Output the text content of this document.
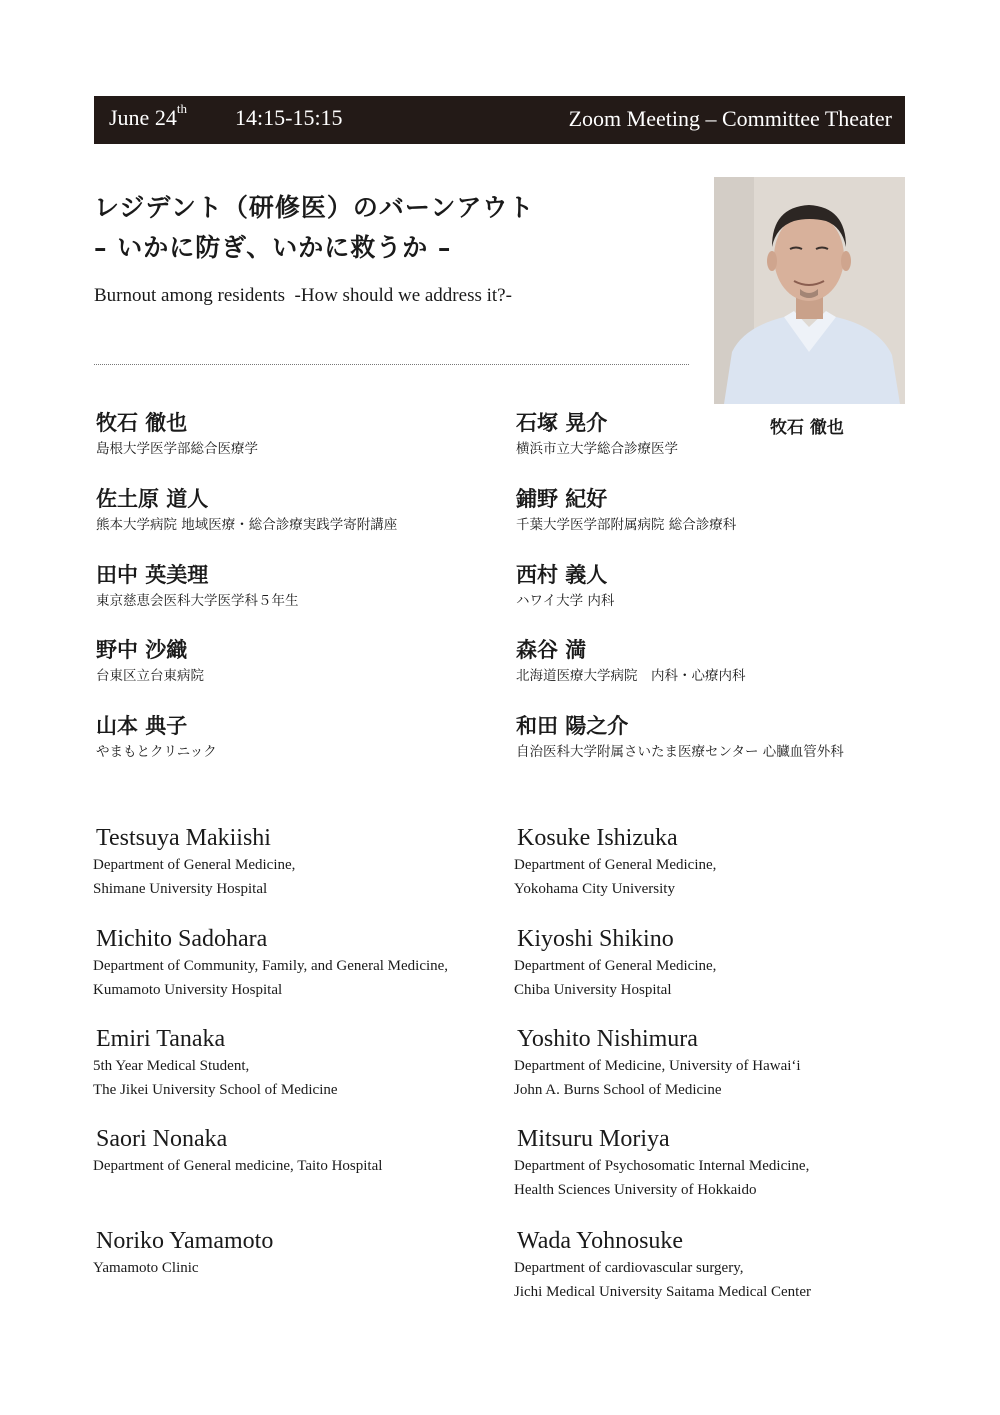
June 24th 14:15-15:15	Zoom Meeting – Committee Theater
レジデント（研修医）のバーンアウト
– いかに防ぎ、いかに救うか –
Burnout among residents  -How should we address it?-
牧石 徹也
牧石 徹也
島根大学医学部総合医療学
石塚 晃介
横浜市立大学総合診療医学
佐土原 道人
熊本大学病院 地域医療・総合診療実践学寄附講座
鋪野 紀好
千葉大学医学部附属病院 総合診療科
田中 英美理
東京慈恵会医科大学医学科５年生
西村 義人
ハワイ大学 内科
野中 沙織
台東区立台東病院
森谷 満
北海道医療大学病院　内科・心療内科
山本 典子
やまもとクリニック
和田 陽之介
自治医科大学附属さいたま医療センター 心臓血管外科
Testsuya Makiishi
Department of General Medicine,
Shimane University Hospital
Kosuke Ishizuka
Department of General Medicine,
Yokohama City University
Michito Sadohara
Department of Community, Family, and General Medicine,
Kumamoto University Hospital
Kiyoshi Shikino
Department of General Medicine,
Chiba University Hospital
Emiri Tanaka
5th Year Medical Student,
The Jikei University School of Medicine
Yoshito Nishimura
Department of Medicine, University of Hawaiʻi
John A. Burns School of Medicine
Saori Nonaka
Department of General medicine, Taito Hospital
Mitsuru Moriya
Department of Psychosomatic Internal Medicine,
Health Sciences University of Hokkaido
Noriko Yamamoto
Yamamoto Clinic
Wada Yohnosuke
Department of cardiovascular surgery,
Jichi Medical University Saitama Medical Center
